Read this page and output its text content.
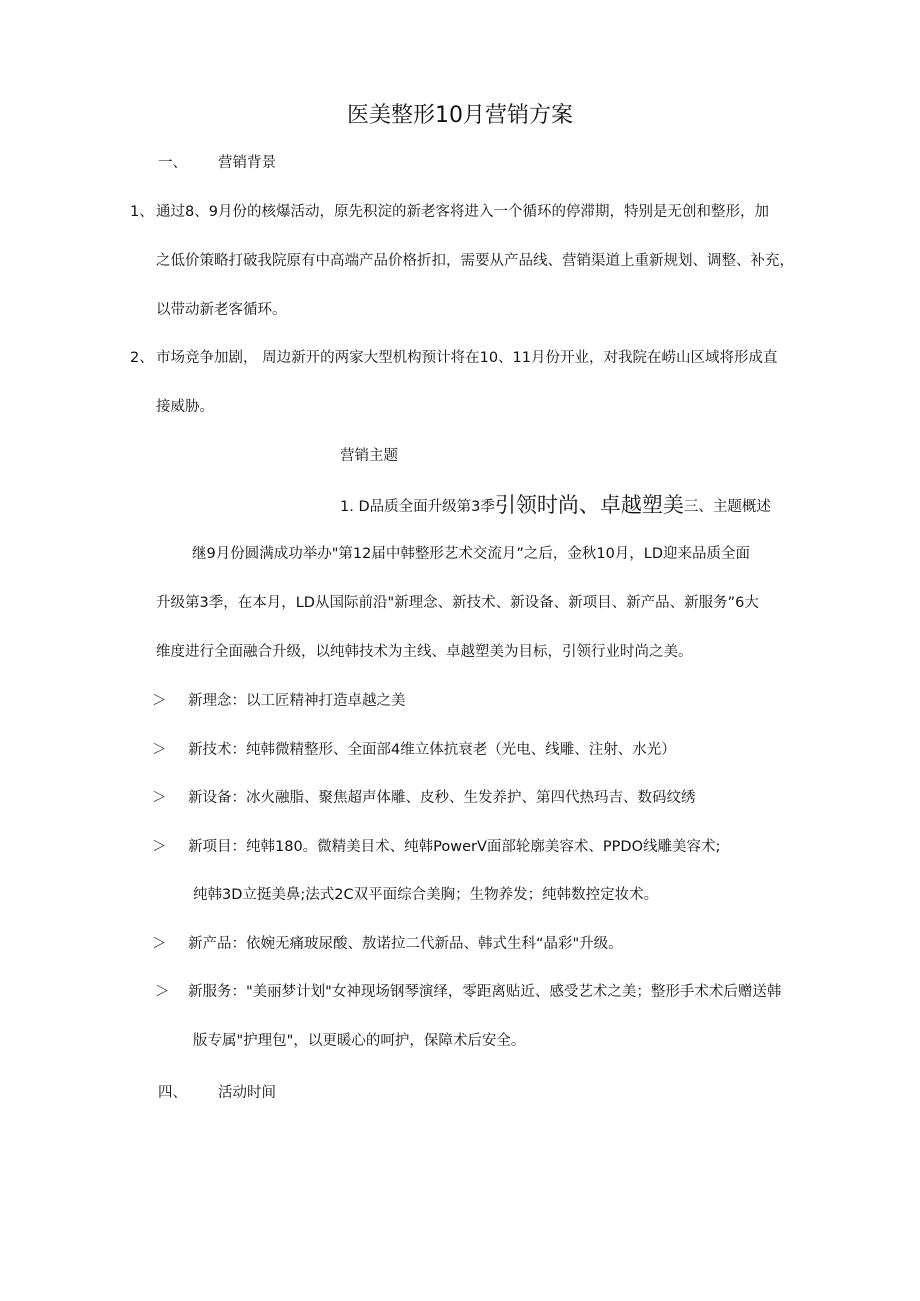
医美整形10月营销方案
一、 营销背景
1、 通过8、9月份的核爆活动，原先积淀的新老客将进入一个循环的停滞期，特别是无创和整形，加
之低价策略打破我院原有中高端产品价格折扣，需要从产品线、营销渠道上重新规划、调整、补充，
以带动新老客循环。
2、 市场竞争加剧， 周边新开的两家大型机构预计将在10、11月份开业，对我院在崂山区域将形成直
接威胁。
营销主题
1. D品质全面升级第3季引领时尚、卓越塑美三、主题概述
继9月份圆满成功举办"第12届中韩整形艺术交流月”之后，金秋10月，LD迎来品质全面
升级第3季，在本月，LD从国际前沿"新理念、新技术、新设备、新项目、新产品、新服务”6大
维度进行全面融合升级，以纯韩技术为主线、卓越塑美为目标，引领行业时尚之美。
＞ 新理念：以工匠精神打造卓越之美
＞ 新技术：纯韩微精整形、全面部4维立体抗衰老（光电、线雕、注射、水光）
＞ 新设备：冰火融脂、聚焦超声体雕、皮秒、生发养护、第四代热玛吉、数码纹绣
＞ 新项目：纯韩180。微精美目术、纯韩PowerV面部轮廓美容术、PPDO线雕美容术;
纯韩3D立挺美鼻;法式2C双平面综合美胸；生物养发；纯韩数控定妆术。
＞ 新产品：依婉无痛玻尿酸、敖诺拉二代新品、韩式生科“晶彩"升级。
＞ 新服务："美丽梦计划"女神现场钢琴演绎，零距离贴近、感受艺术之美；整形手术术后赠送韩
版专属"护理包"，以更暖心的呵护，保障术后安全。
四、 活动时间
